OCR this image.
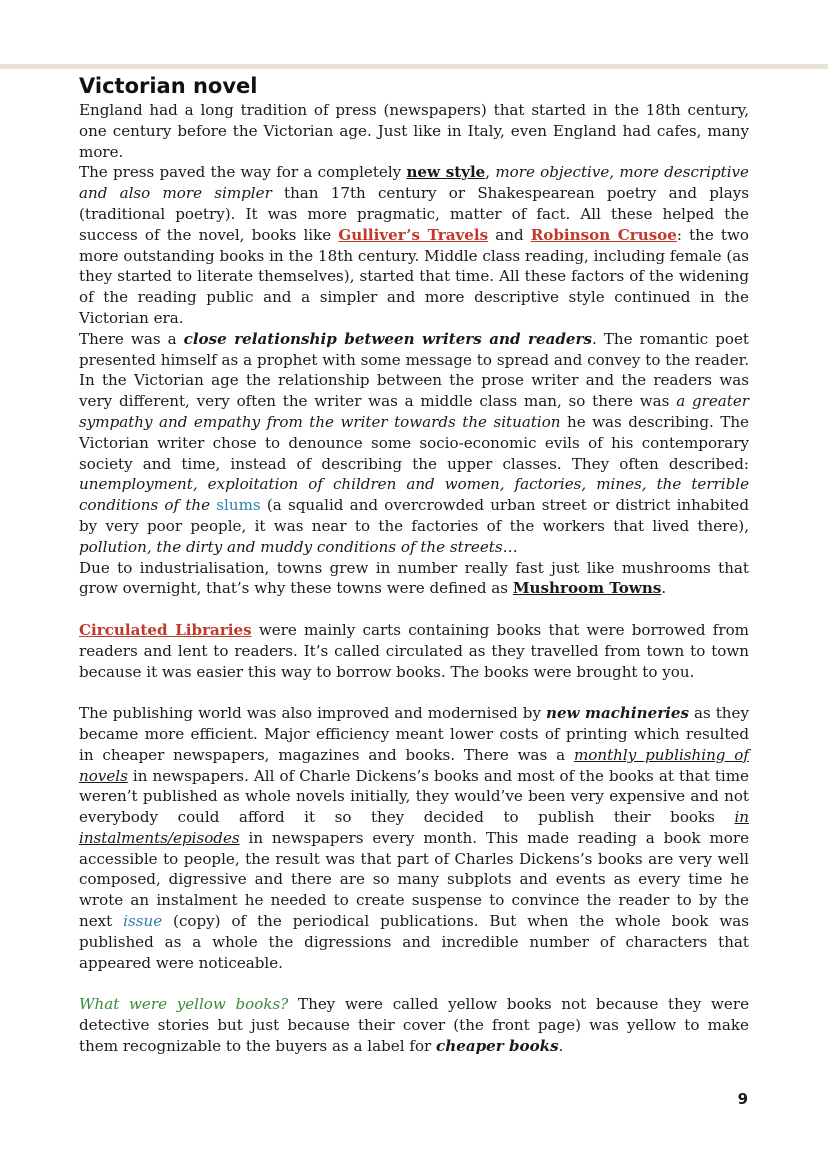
Victorian novel

England had a long tradition of press (newspapers) that started in the 18th century, one century before the Victorian age. Just like in Italy, even England had cafes, many more.

The press paved the way for a completely new style, more objective, more descriptive and also more simpler than 17th century or Shakespearean poetry and plays (traditional poetry). It was more pragmatic, matter of fact. All these helped the success of the novel, books like Gulliver’s Travels and Robinson Crusoe: the two more outstanding books in the 18th century. Middle class reading, including female (as they started to literate themselves), started that time. All these factors of the widening of the reading public and a simpler and more descriptive style continued in the Victorian era.

There was a close relationship between writers and readers. The romantic poet presented himself as a prophet with some message to spread and convey to the reader. In the Victorian age the relationship between the prose writer and the readers was very different, very often the writer was a middle class man, so there was a greater sympathy and empathy from the writer towards the situation he was describing. The Victorian writer chose to denounce some socio-economic evils of his contemporary society and time, instead of describing the upper classes. They often described: unemployment, exploitation of children and women, factories, mines, the terrible conditions of the slums (a squalid and overcrowded urban street or district inhabited by very poor people, it was near to the factories of the workers that lived there), pollution, the dirty and muddy conditions of the streets…

Due to industrialisation, towns grew in number really fast just like mushrooms that grow overnight, that’s why these towns were defined as Mushroom Towns.

Circulated Libraries were mainly carts containing books that were borrowed from readers and lent to readers. It’s called circulated as they travelled from town to town because it was easier this way to borrow books. The books were brought to you.

The publishing world was also improved and modernised by new machineries as they became more efficient. Major efficiency meant lower costs of printing which resulted in cheaper newspapers, magazines and books. There was a monthly publishing of novels in newspapers. All of Charle Dickens’s books and most of the books at that time weren’t published as whole novels initially, they would’ve been very expensive and not everybody could afford it so they decided to publish their books in instalments/episodes in newspapers every month. This made reading a book more accessible to people, the result was that part of Charles Dickens’s books are very well composed, digressive and there are so many subplots and events as every time he wrote an instalment he needed to create suspense to convince the reader to by the next issue (copy) of the periodical publications. But when the whole book was published as a whole the digressions and incredible number of characters that appeared were noticeable.

What were yellow books? They were called yellow books not because they were detective stories but just because their cover (the front page) was yellow to make them recognizable to the buyers as a label for cheaper books.

9
